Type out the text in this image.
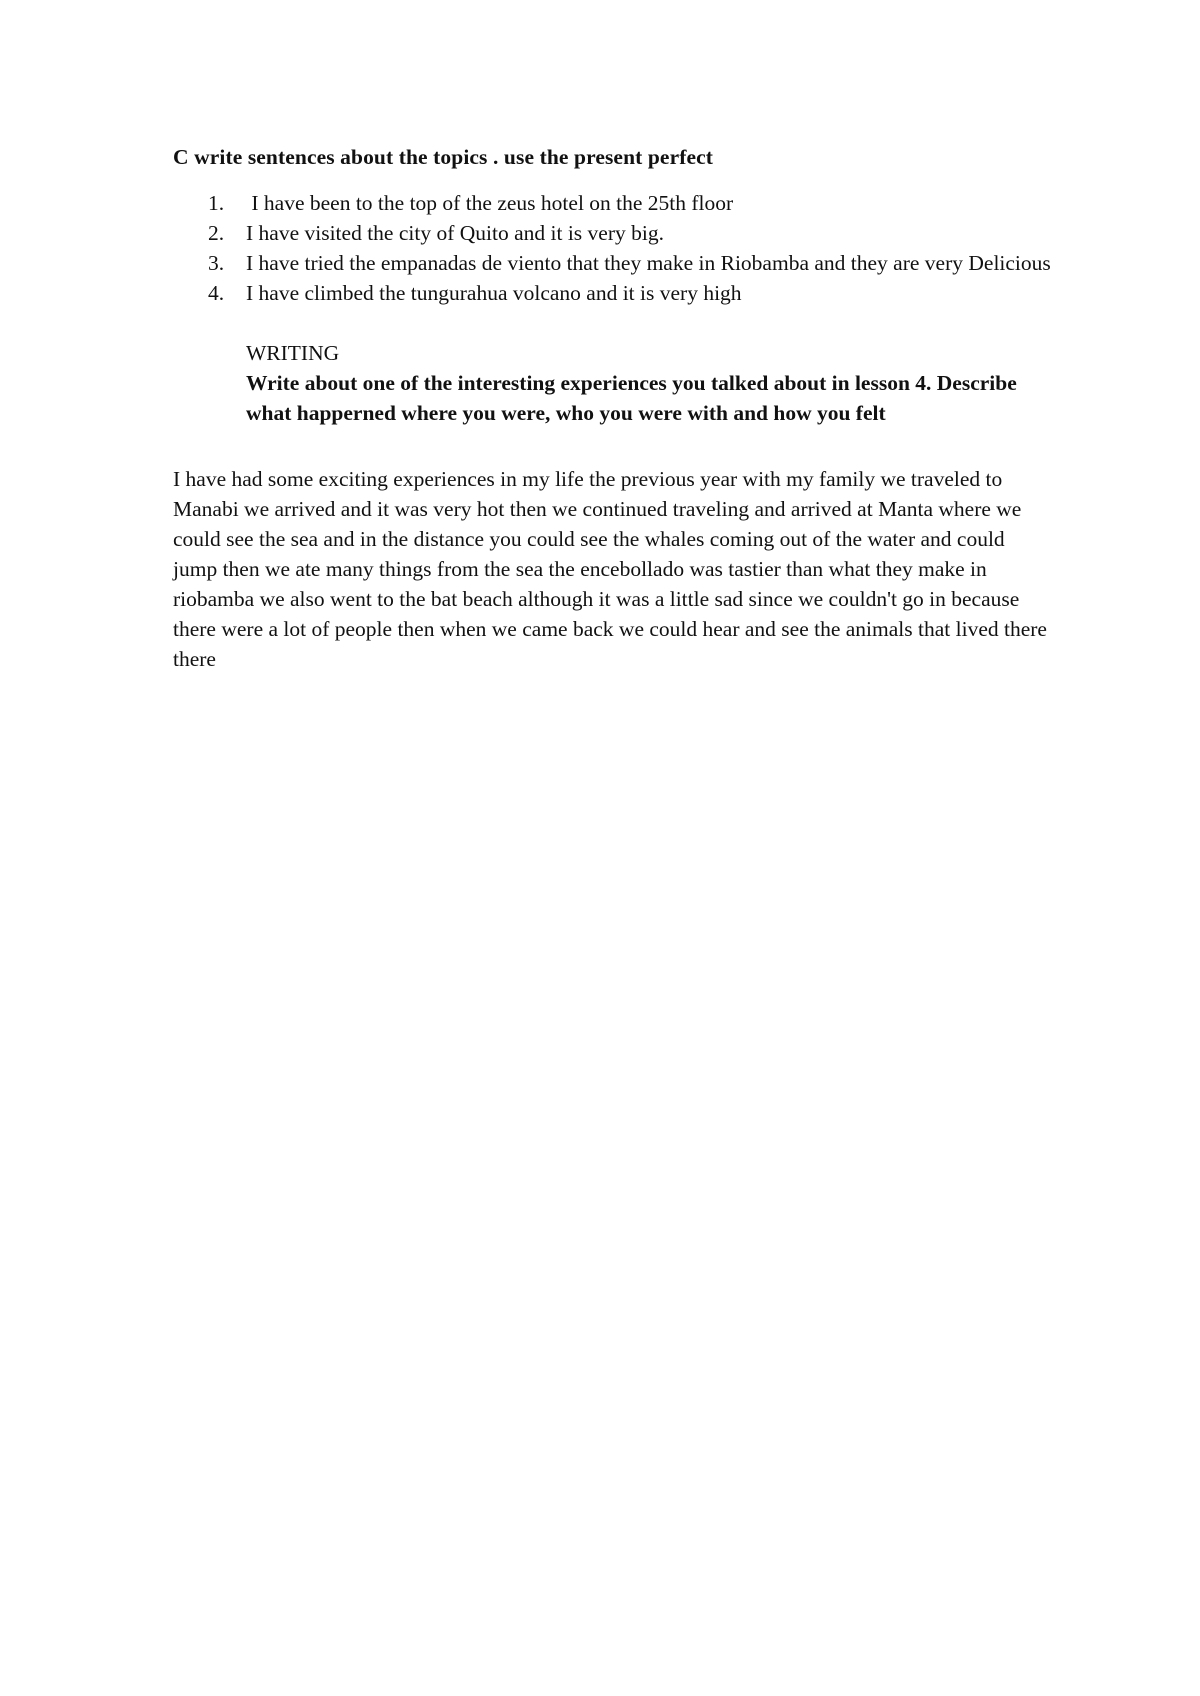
C write sentences about the topics . use the present perfect
1. I have been to the top of the zeus hotel on the 25th floor
2. I have visited the city of Quito and it is very big.
3. I have tried the empanadas de viento that they make in Riobamba and they are very Delicious
4. I have climbed the tungurahua volcano and it is very high
WRITING
Write about one of the interesting experiences you talked about in lesson 4. Describe what happerned where you were, who you were with and how you felt
I have had some exciting experiences in my life the previous year with my family we traveled to Manabi we arrived and it was very hot then we continued traveling and arrived at Manta where we could see the sea and in the distance you could see the whales coming out of the water and could jump then we ate many things from the sea the encebollado was tastier than what they make in riobamba we also went to the bat beach although it was a little sad since we couldn't go in because there were a lot of people then when we came back we could hear and see the animals that lived there there
